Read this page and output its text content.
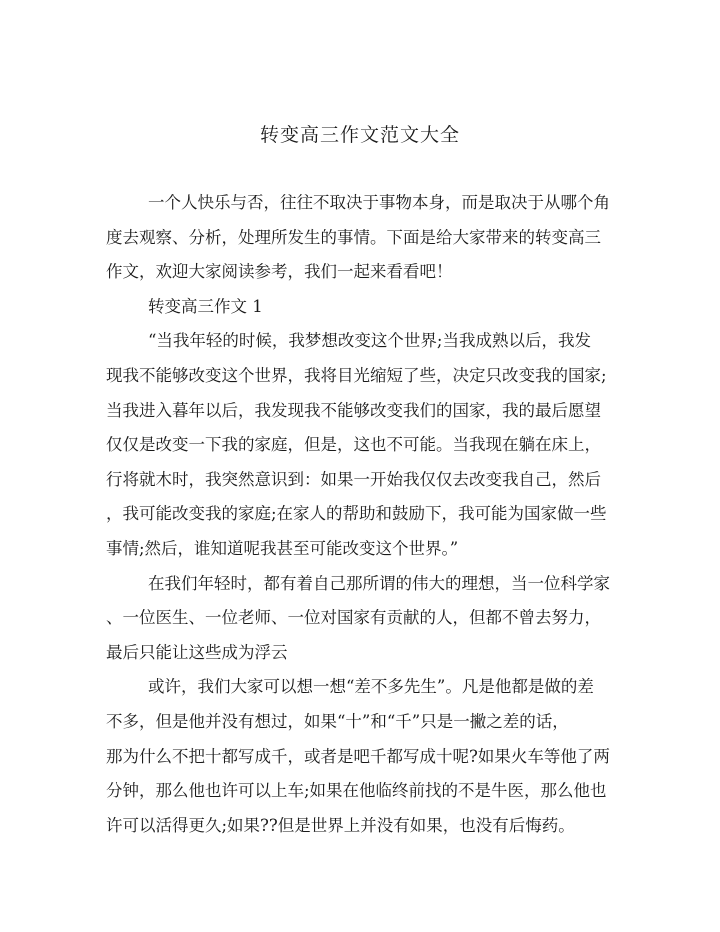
转变高三作文范文大全
一个人快乐与否，往往不取决于事物本身，而是取决于从哪个角
度去观察、分析，处理所发生的事情。下面是给大家带来的转变高三
作文，欢迎大家阅读参考，我们一起来看看吧！
转变高三作文 1
“当我年轻的时候，我梦想改变这个世界;当我成熟以后，我发
现我不能够改变这个世界，我将目光缩短了些，决定只改变我的国家;
当我进入暮年以后，我发现我不能够改变我们的国家，我的最后愿望
仅仅是改变一下我的家庭，但是，这也不可能。当我现在躺在床上，
行将就木时，我突然意识到：如果一开始我仅仅去改变我自己，然后
，我可能改变我的家庭;在家人的帮助和鼓励下，我可能为国家做一些
事情;然后，谁知道呢我甚至可能改变这个世界。”
在我们年轻时，都有着自己那所谓的伟大的理想，当一位科学家
、一位医生、一位老师、一位对国家有贡献的人，但都不曾去努力，
最后只能让这些成为浮云
或许，我们大家可以想一想“差不多先生”。凡是他都是做的差
不多，但是他并没有想过，如果“十”和“千”只是一撇之差的话，
那为什么不把十都写成千，或者是吧千都写成十呢?如果火车等他了两
分钟，那么他也许可以上车;如果在他临终前找的不是牛医，那么他也
许可以活得更久;如果??但是世界上并没有如果，也没有后悔药。
